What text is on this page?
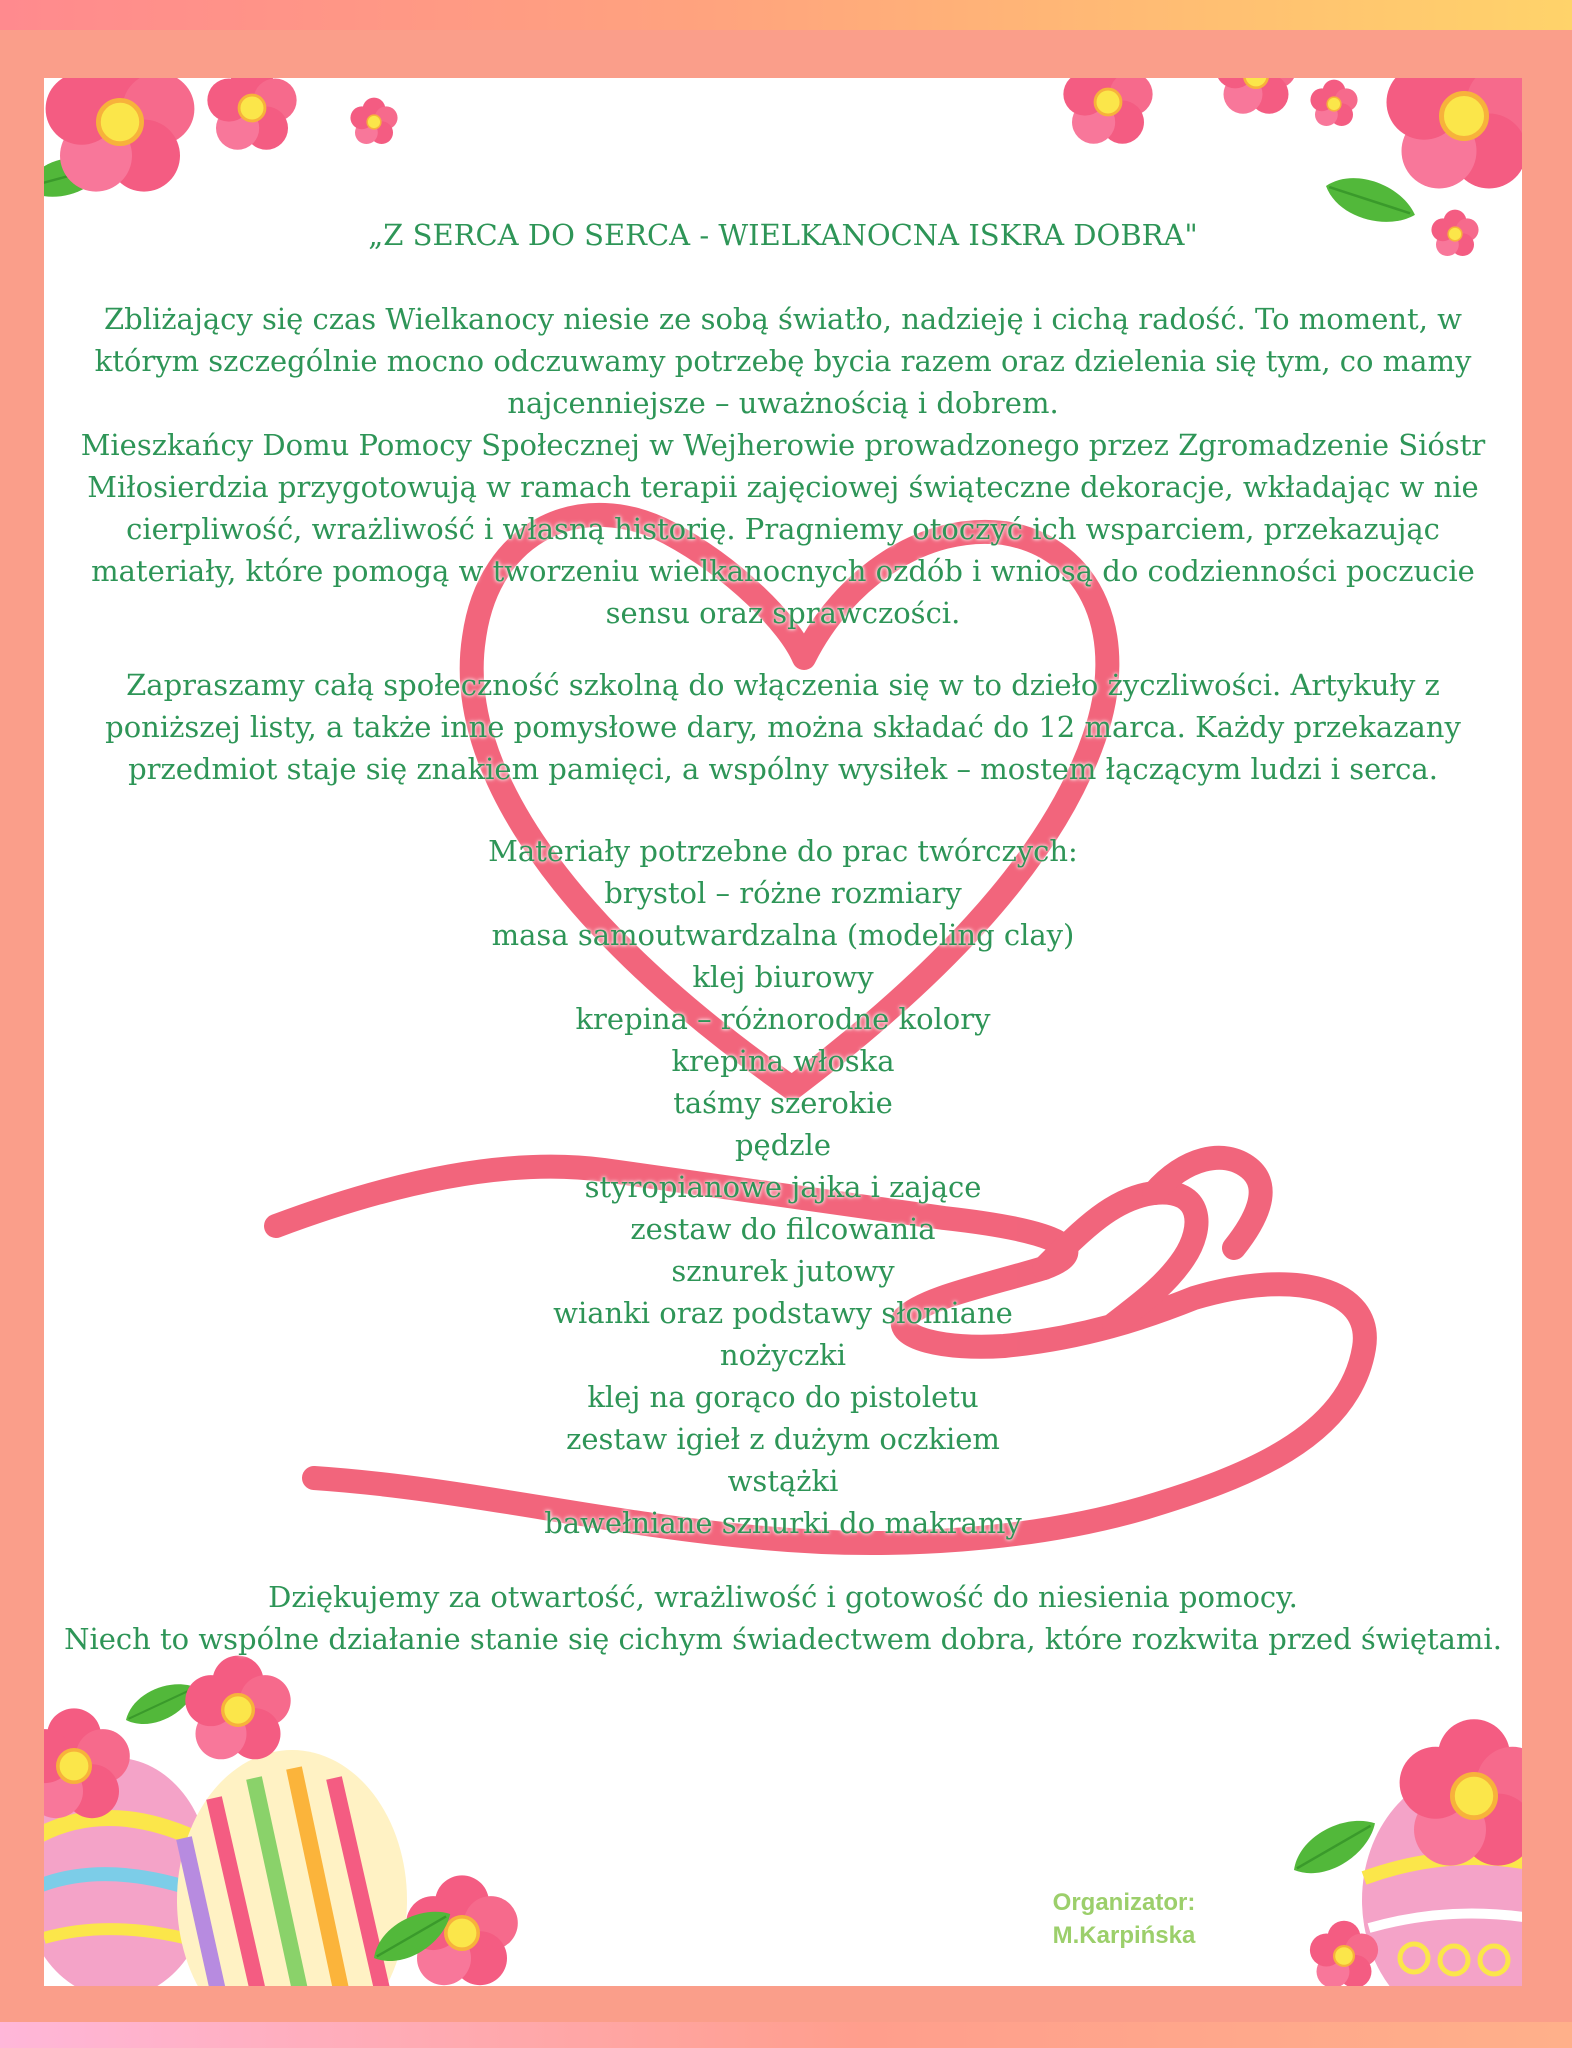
„Z SERCA DO SERCA - WIELKANOCNA ISKRA DOBRA"

Zbliżający się czas Wielkanocy niesie ze sobą światło, nadzieję i cichą radość. To moment, w którym szczególnie mocno odczuwamy potrzebę bycia razem oraz dzielenia się tym, co mamy najcenniejsze – uważnością i dobrem.

Mieszkańcy Domu Pomocy Społecznej w Wejherowie prowadzonego przez Zgromadzenie Sióstr Miłosierdzia przygotowują w ramach terapii zajęciowej świąteczne dekoracje, wkładając w nie cierpliwość, wrażliwość i własną historię. Pragniemy otoczyć ich wsparciem, przekazując materiały, które pomogą w tworzeniu wielkanocnych ozdób i wniosą do codzienności poczucie sensu oraz sprawczości.

Zapraszamy całą społeczność szkolną do włączenia się w to dzieło życzliwości. Artykuły z poniższej listy, a także inne pomysłowe dary, można składać do 12 marca. Każdy przekazany przedmiot staje się znakiem pamięci, a wspólny wysiłek – mostem łączącym ludzi i serca.

Materiały potrzebne do prac twórczych:

brystol – różne rozmiary
masa samoutwardzalna (modeling clay)
klej biurowy
krepina – różnorodne kolory
krepina włoska
taśmy szerokie
pędzle
styropianowe jajka i zające
zestaw do filcowania
sznurek jutowy
wianki oraz podstawy słomiane
nożyczki
klej na gorąco do pistoletu
zestaw igieł z dużym oczkiem
wstążki
bawełniane sznurki do makramy

Dziękujemy za otwartość, wrażliwość i gotowość do niesienia pomocy.

Niech to wspólne działanie stanie się cichym świadectwem dobra, które rozkwita przed świętami.

Organizator:
M.Karpińska
